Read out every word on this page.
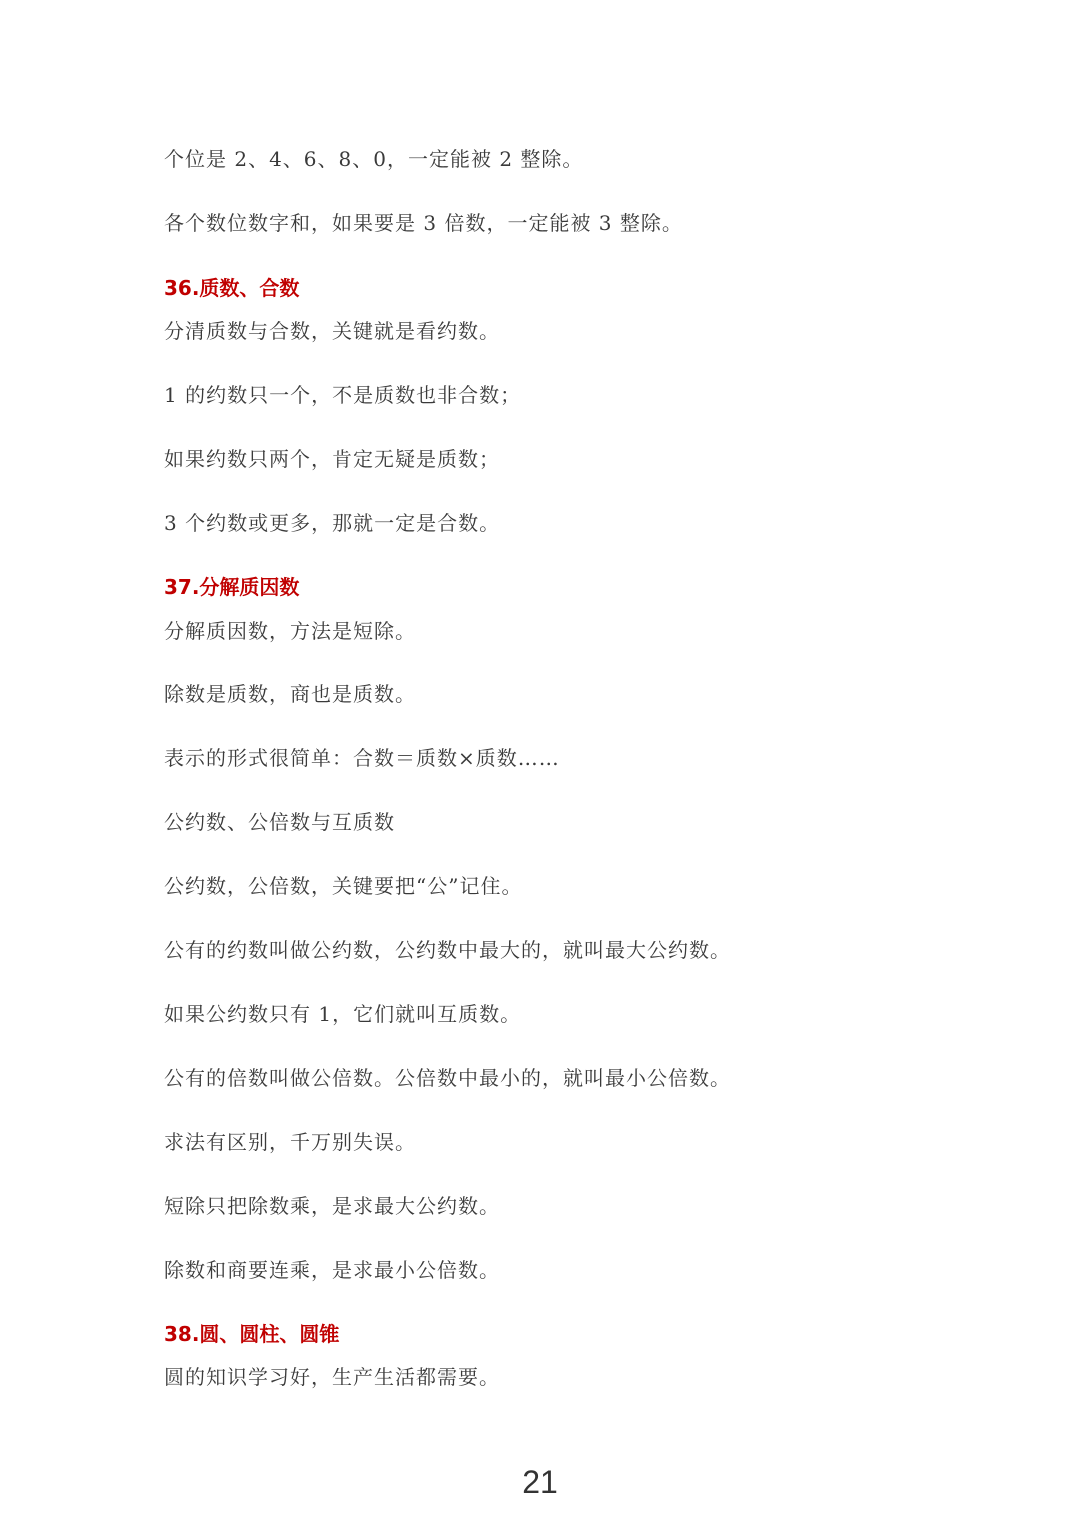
个位是 2、4、6、8、0，一定能被 2 整除。
各个数位数字和，如果要是 3 倍数，一定能被 3 整除。
36.质数、合数
分清质数与合数，关键就是看约数。
1 的约数只一个，不是质数也非合数；
如果约数只两个，肯定无疑是质数；
3 个约数或更多，那就一定是合数。
37.分解质因数
分解质因数，方法是短除。
除数是质数，商也是质数。
表示的形式很简单：合数＝质数×质数……
公约数、公倍数与互质数
公约数，公倍数，关键要把“公”记住。
公有的约数叫做公约数，公约数中最大的，就叫最大公约数。
如果公约数只有 1，它们就叫互质数。
公有的倍数叫做公倍数。公倍数中最小的，就叫最小公倍数。
求法有区别，千万别失误。
短除只把除数乘，是求最大公约数。
除数和商要连乘，是求最小公倍数。
38.圆、圆柱、圆锥
圆的知识学习好，生产生活都需要。
21
